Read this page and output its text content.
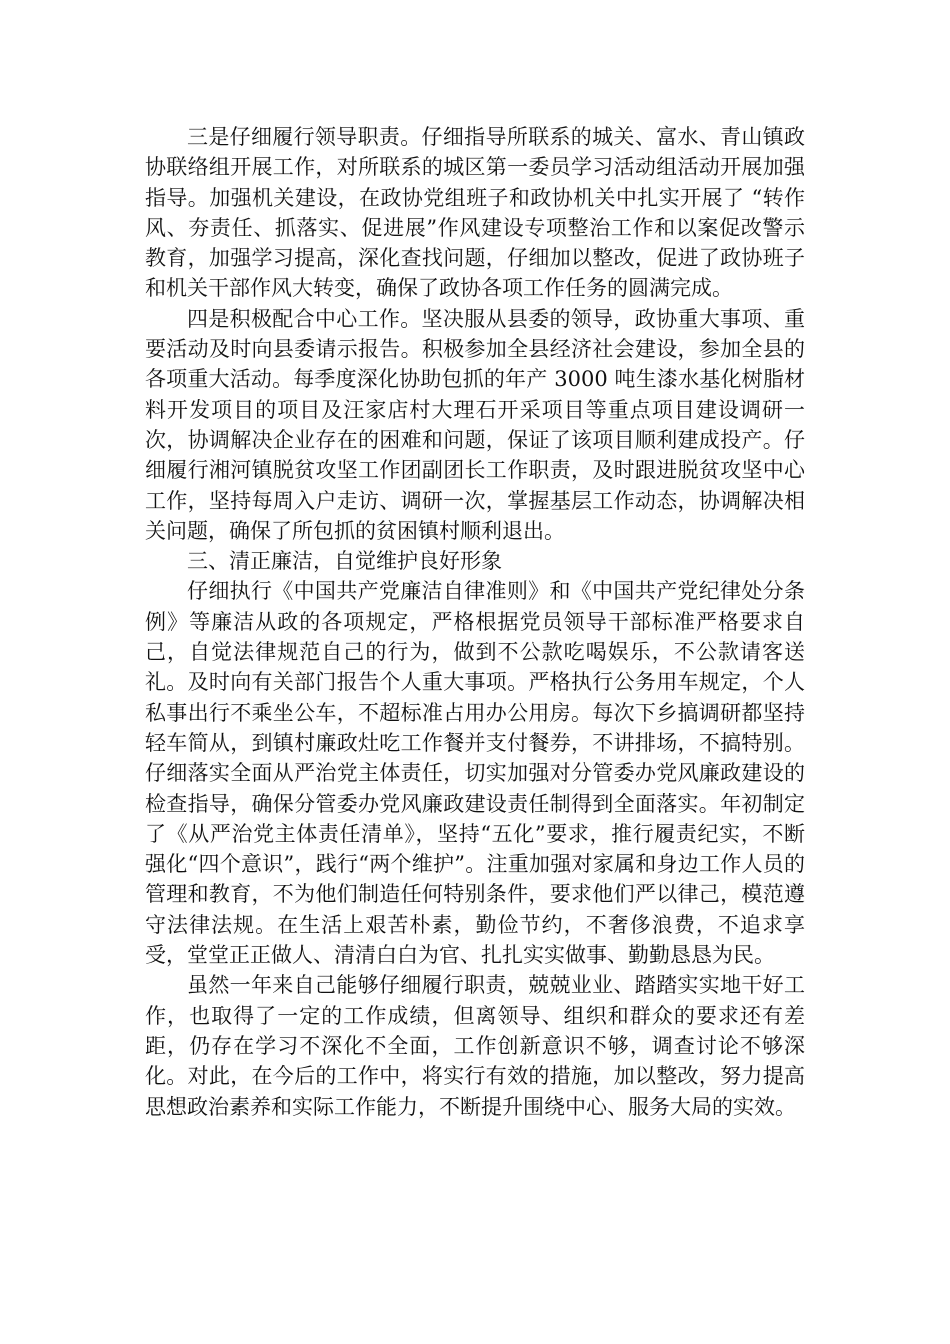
三是仔细履行领导职责。仔细指导所联系的城关、富水、青山镇政协联络组开展工作，对所联系的城区第一委员学习活动组活动开展加强指导。加强机关建设，在政协党组班子和政协机关中扎实开展了 “转作风、夯责任、抓落实、促进展”作风建设专项整治工作和以案促改警示教育，加强学习提高，深化查找问题，仔细加以整改，促进了政协班子和机关干部作风大转变，确保了政协各项工作任务的圆满完成。

四是积极配合中心工作。坚决服从县委的领导，政协重大事项、重要活动及时向县委请示报告。积极参加全县经济社会建设，参加全县的各项重大活动。每季度深化协助包抓的年产 3000 吨生漆水基化树脂材料开发项目的项目及汪家店村大理石开采项目等重点项目建设调研一次，协调解决企业存在的困难和问题，保证了该项目顺利建成投产。仔细履行湘河镇脱贫攻坚工作团副团长工作职责，及时跟进脱贫攻坚中心工作，坚持每周入户走访、调研一次，掌握基层工作动态，协调解决相关问题，确保了所包抓的贫困镇村顺利退出。

三、清正廉洁，自觉维护良好形象

仔细执行《中国共产党廉洁自律准则》和《中国共产党纪律处分条例》等廉洁从政的各项规定，严格根据党员领导干部标准严格要求自己，自觉法律规范自己的行为，做到不公款吃喝娱乐，不公款请客送礼。及时向有关部门报告个人重大事项。严格执行公务用车规定，个人私事出行不乘坐公车，不超标准占用办公用房。每次下乡搞调研都坚持轻车简从，到镇村廉政灶吃工作餐并支付餐券，不讲排场，不搞特别。仔细落实全面从严治党主体责任，切实加强对分管委办党风廉政建设的检查指导，确保分管委办党风廉政建设责任制得到全面落实。年初制定了《从严治党主体责任清单》，坚持“五化”要求，推行履责纪实，不断强化“四个意识”，践行“两个维护”。注重加强对家属和身边工作人员的管理和教育，不为他们制造任何特别条件，要求他们严以律己，模范遵守法律法规。在生活上艰苦朴素，勤俭节约，不奢侈浪费，不追求享受，堂堂正正做人、清清白白为官、扎扎实实做事、勤勤恳恳为民。

虽然一年来自己能够仔细履行职责，兢兢业业、踏踏实实地干好工作，也取得了一定的工作成绩，但离领导、组织和群众的要求还有差距，仍存在学习不深化不全面，工作创新意识不够，调查讨论不够深化。对此，在今后的工作中，将实行有效的措施，加以整改，努力提高思想政治素养和实际工作能力，不断提升围绕中心、服务大局的实效。
